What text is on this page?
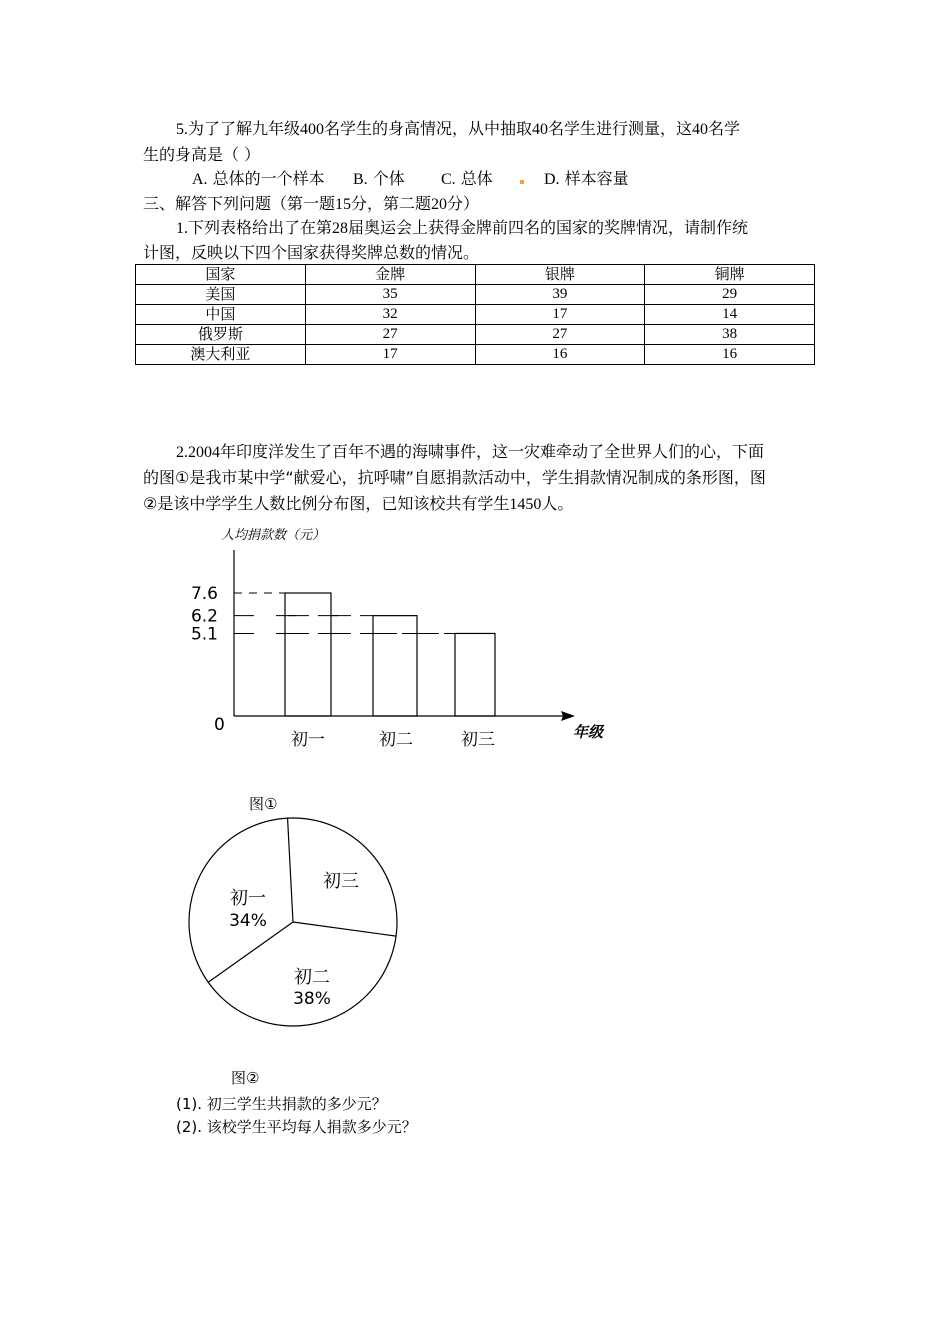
5.为了了解九年级400名学生的身高情况，从中抽取40名学生进行测量，这40名学
生的身高是（ ）
A. 总体的一个样本 B. 个体 C. 总体	D. 样本容量
三、解答下列问题（第一题15分，第二题20分）
1.下列表格给出了在第28届奥运会上获得金牌前四名的国家的奖牌情况，请制作统
计图，反映以下四个国家获得奖牌总数的情况。
国家	金牌	银牌	铜牌
美国	35	39	29
中国	32	17	14
俄罗斯	27	27	38
澳大利亚	17	16	16
2.2004年印度洋发生了百年不遇的海啸事件，这一灾难牵动了全世界人们的心，下面
的图①是我市某中学“献爱心，抗呼啸”自愿捐款活动中，学生捐款情况制成的条形图，图
②是该中学学生人数比例分布图，已知该校共有学生1450人。
人均捐款数（元）
年级
0
初一	初二	初三
7.6
6.2
5.1
图①
初一
34%
初二
38%
初三
图②
(1). 初三学生共捐款的多少元？
(2). 该校学生平均每人捐款多少元？
